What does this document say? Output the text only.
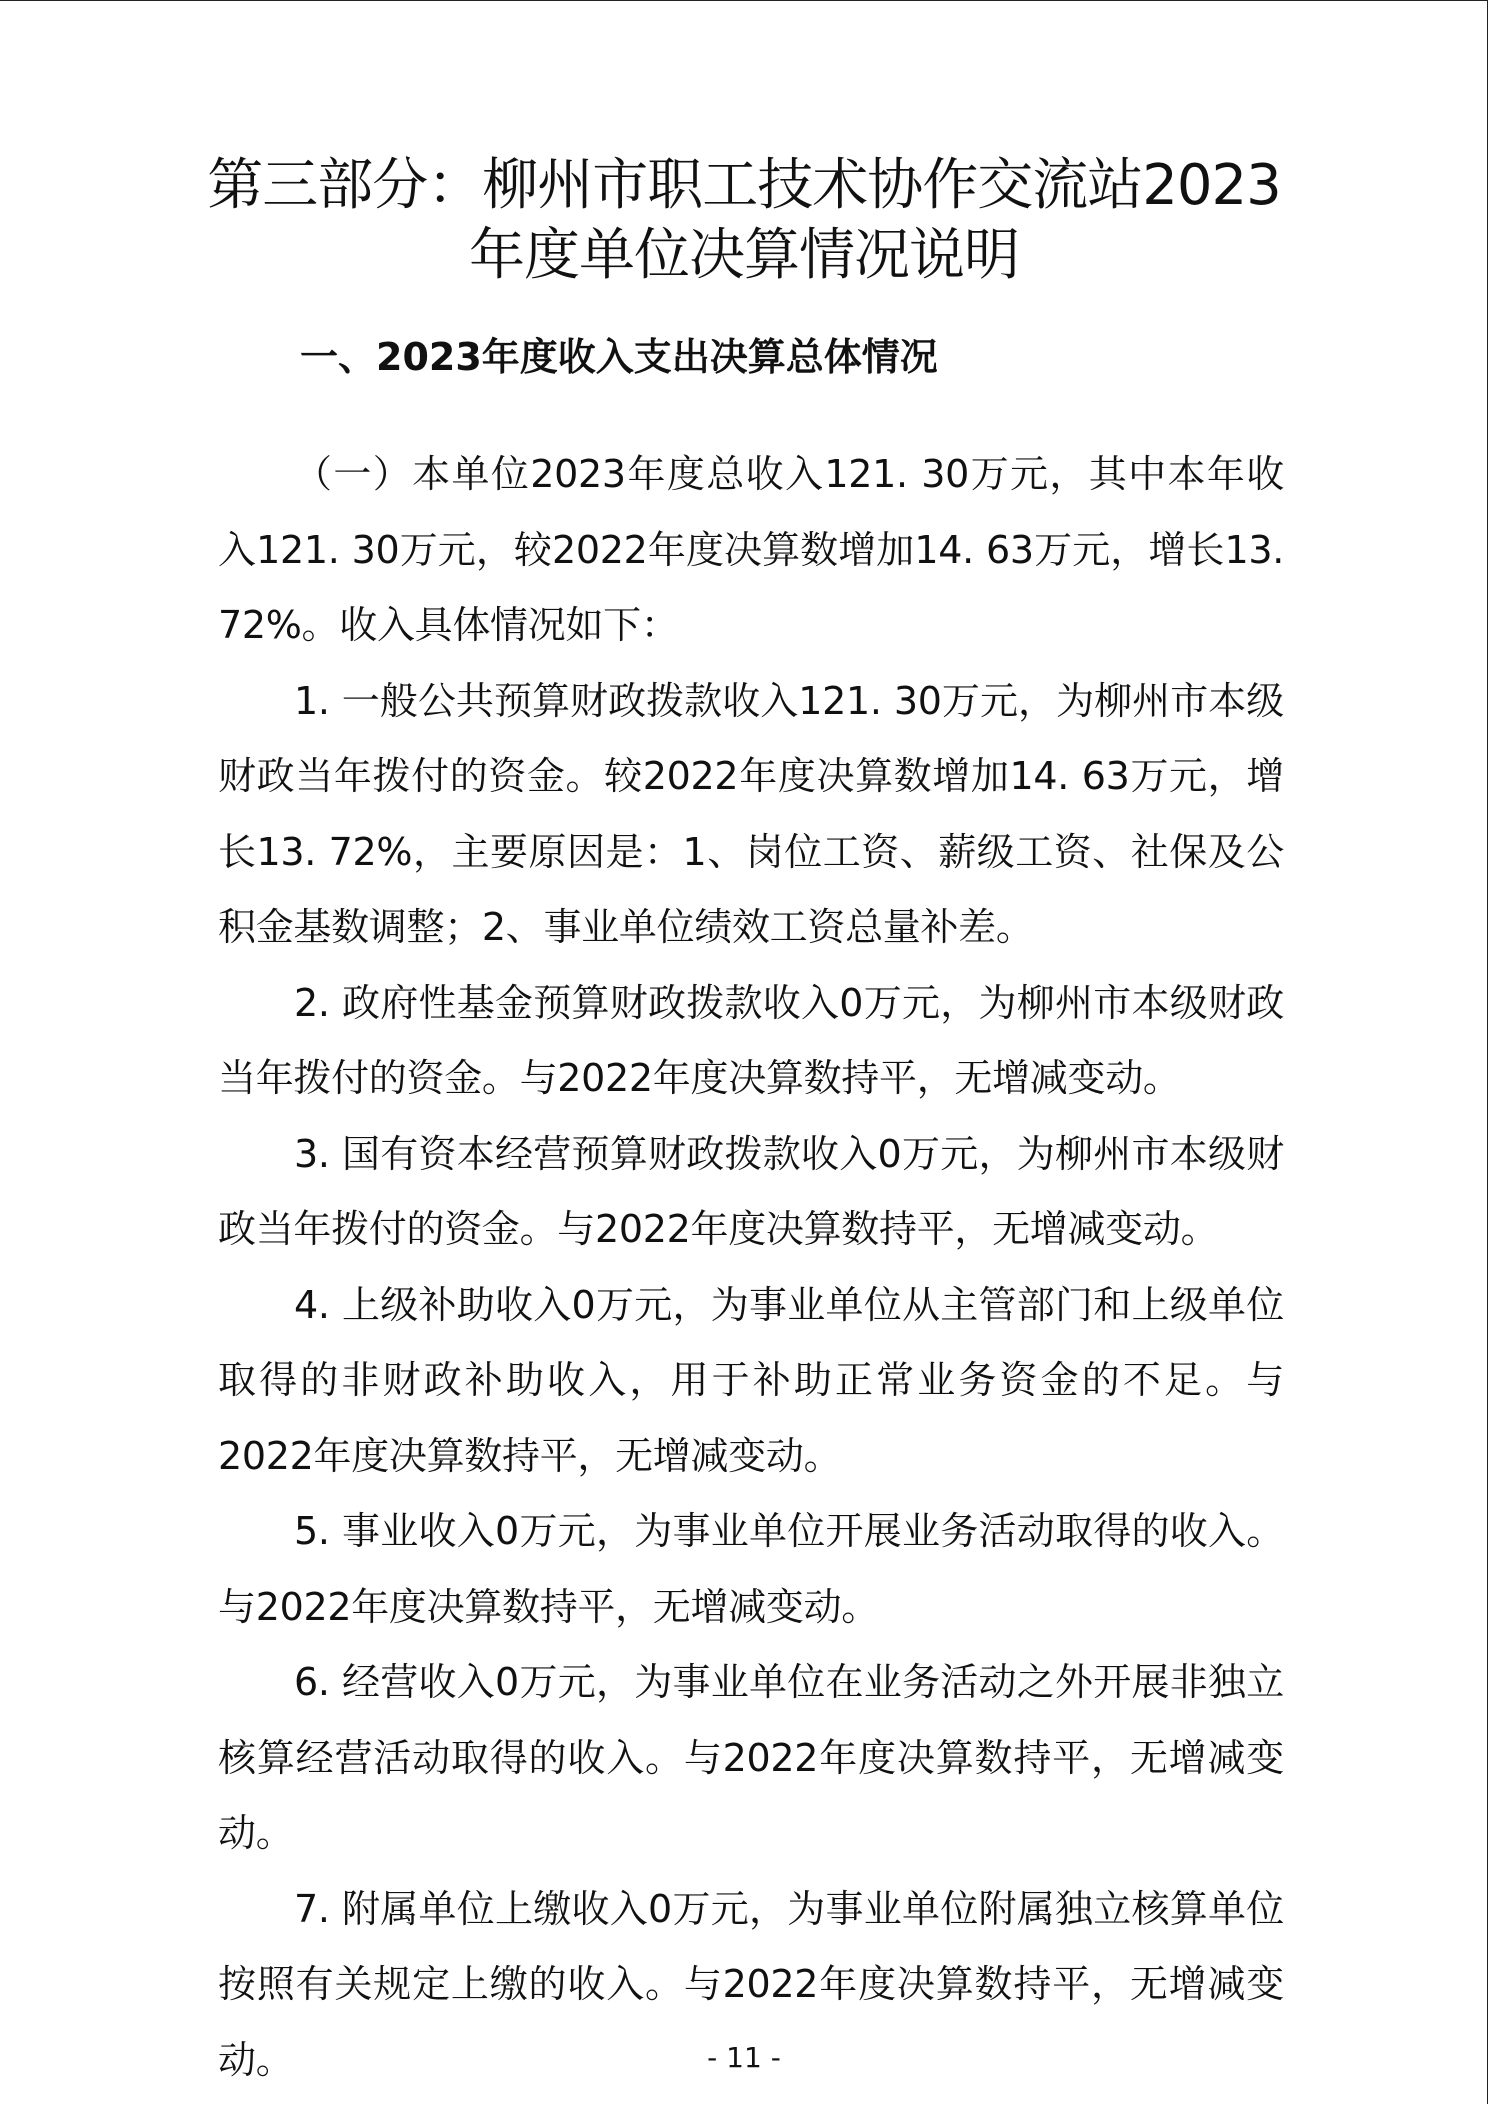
第三部分：柳州市职工技术协作交流站2023
年度单位决算情况说明
一、2023年度收入支出决算总体情况

（一）本单位2023年度总收入121. 30万元，其中本年收入121. 30万元，较2022年度决算数增加14. 63万元，增长13. 72%。收入具体情况如下：

1. 一般公共预算财政拨款收入121. 30万元，为柳州市本级财政当年拨付的资金。较2022年度决算数增加14. 63万元，增长13. 72%，主要原因是：1、岗位工资、薪级工资、社保及公积金基数调整；2、事业单位绩效工资总量补差。

2. 政府性基金预算财政拨款收入0万元，为柳州市本级财政当年拨付的资金。与2022年度决算数持平，无增减变动。

3. 国有资本经营预算财政拨款收入0万元，为柳州市本级财政当年拨付的资金。与2022年度决算数持平，无增减变动。

4. 上级补助收入0万元，为事业单位从主管部门和上级单位取得的非财政补助收入，用于补助正常业务资金的不足。与2022年度决算数持平，无增减变动。

5. 事业收入0万元，为事业单位开展业务活动取得的收入。与2022年度决算数持平，无增减变动。

6. 经营收入0万元，为事业单位在业务活动之外开展非独立核算经营活动取得的收入。与2022年度决算数持平，无增减变动。

7. 附属单位上缴收入0万元，为事业单位附属独立核算单位按照有关规定上缴的收入。与2022年度决算数持平，无增减变动。	- 11 -
